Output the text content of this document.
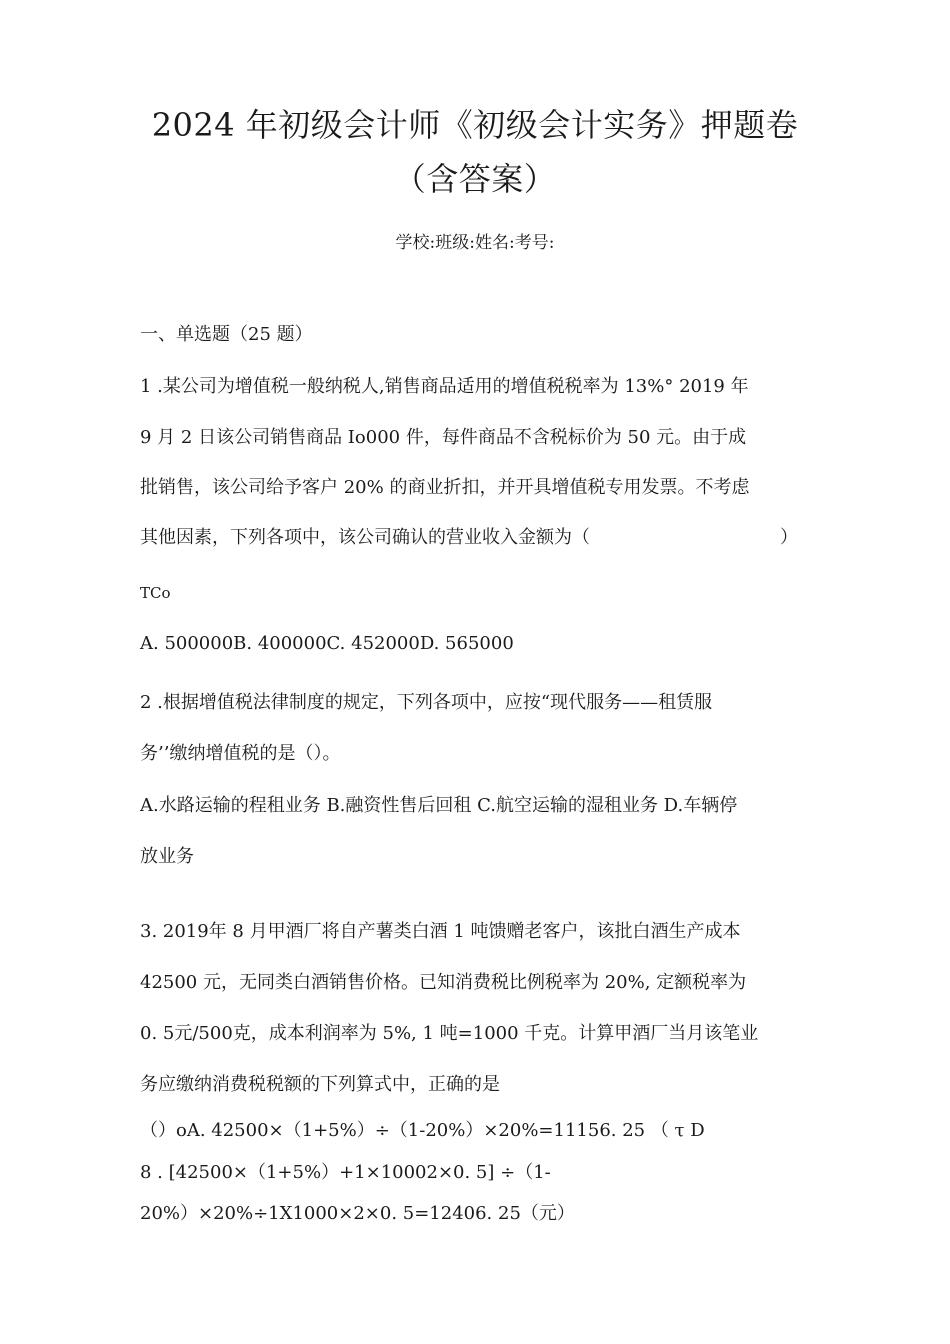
2024 年初级会计师《初级会计实务》押题卷
（含答案）
学校:班级:姓名:考号:
一、单选题（25 题）
1 .某公司为增值税一般纳税人,销售商品适用的增值税税率为 13%° 2019 年
9 月 2 日该公司销售商品 Io000 件，每件商品不含税标价为 50 元。由于成
批销售，该公司给予客户 20% 的商业折扣，并开具增值税专用发票。不考虑
其他因素，下列各项中，该公司确认的营业收入金额为（	）
TCo
A. 500000B. 400000C. 452000D. 565000
2 .根据增值税法律制度的规定，下列各项中，应按“现代服务——租赁服
务’’缴纳增值税的是（）。
A.水路运输的程租业务 B.融资性售后回租 C.航空运输的湿租业务 D.车辆停
放业务
3. 2019年 8 月甲酒厂将自产薯类白酒 1 吨馈赠老客户，该批白酒生产成本
42500 元，无同类白酒销售价格。已知消费税比例税率为 20%, 定额税率为
0. 5元/500克，成本利润率为 5%, 1 吨=1000 千克。计算甲酒厂当月该笔业
务应缴纳消费税税额的下列算式中，正确的是
（）oA. 42500×（1+5%）÷（1-20%）×20%=11156. 25 （ τ D
8 . [42500×（1+5%）+1×10002×0. 5] ÷（1-
20%）×20%÷1X1000×2×0. 5=12406. 25（元）
